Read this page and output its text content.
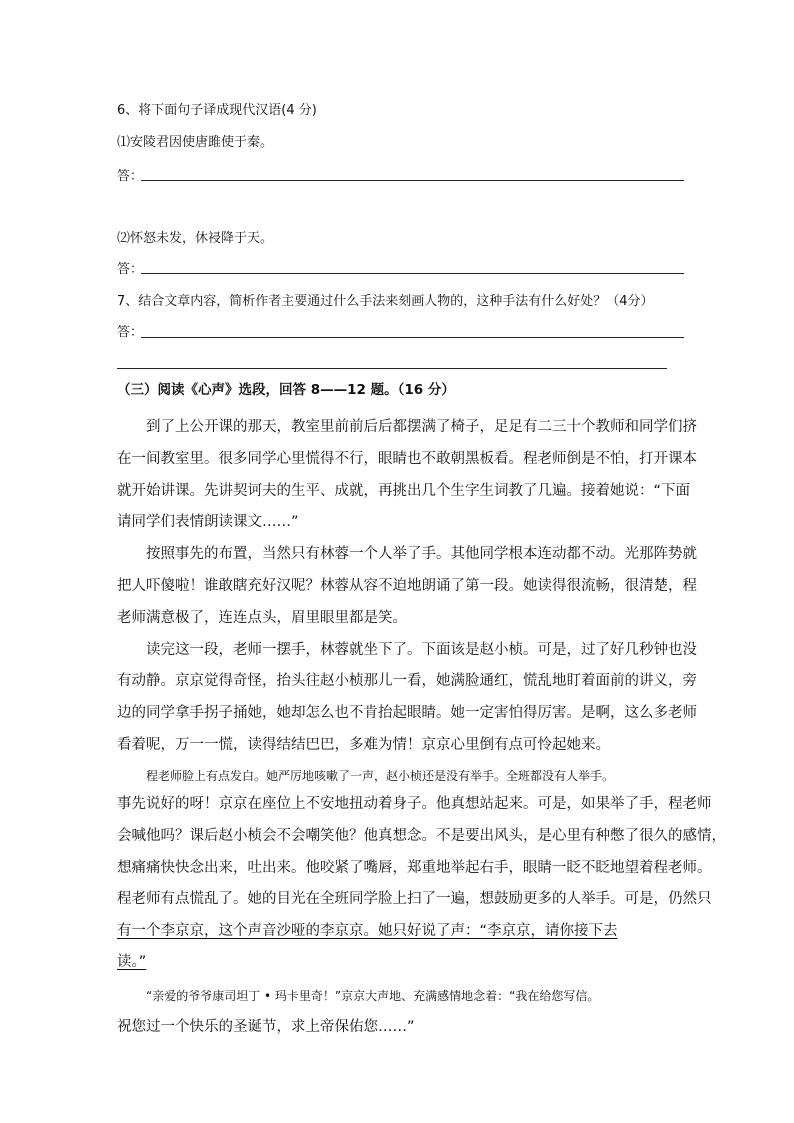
6、将下面句子译成现代汉语(4 分)
⑴安陵君因使唐雎使于秦。
答：
⑵怀怒未发，休祲降于天。
答：
7、结合文章内容，简析作者主要通过什么手法来刻画人物的，这种手法有什么好处？（4分）
答：
（三）阅读《心声》选段，回答 8——12 题。（16 分）
到了上公开课的那天，教室里前前后后都摆满了椅子，足足有二三十个教师和同学们挤
在一间教室里。很多同学心里慌得不行，眼睛也不敢朝黑板看。程老师倒是不怕，打开课本
就开始讲课。先讲契诃夫的生平、成就，再挑出几个生字生词教了几遍。接着她说：“下面
请同学们表情朗读课文……”
按照事先的布置，当然只有林蓉一个人举了手。其他同学根本连动都不动。光那阵势就
把人吓傻啦！谁敢瞎充好汉呢？林蓉从容不迫地朗诵了第一段。她读得很流畅，很清楚，程
老师满意极了，连连点头，眉里眼里都是笑。
读完这一段，老师一摆手，林蓉就坐下了。下面该是赵小桢。可是，过了好几秒钟也没
有动静。京京觉得奇怪，抬头往赵小桢那儿一看，她满脸通红，慌乱地盯着面前的讲义，旁
边的同学拿手拐子捅她，她却怎么也不肯抬起眼睛。她一定害怕得厉害。是啊，这么多老师
看着呢，万一一慌，读得结结巴巴，多难为情！京京心里倒有点可怜起她来。
程老师脸上有点发白。她严厉地咳嗽了一声，赵小桢还是没有举手。全班都没有人举手。
事先说好的呀！京京在座位上不安地扭动着身子。他真想站起来。可是，如果举了手，程老师
会喊他吗？课后赵小桢会不会嘲笑他？他真想念。不是要出风头，是心里有种憋了很久的感情，
想痛痛快快念出来，吐出来。他咬紧了嘴唇，郑重地举起右手，眼睛一眨不眨地望着程老师。
程老师有点慌乱了。她的目光在全班同学脸上扫了一遍，想鼓励更多的人举手。可是，仍然只
有一个李京京，这个声音沙哑的李京京。她只好说了声：“李京京，请你接下去
读。”
“亲爱的爷爷康司坦丁 • 玛卡里奇！”京京大声地、充满感情地念着：“我在给您写信。
祝您过一个快乐的圣诞节，求上帝保佑您……”
